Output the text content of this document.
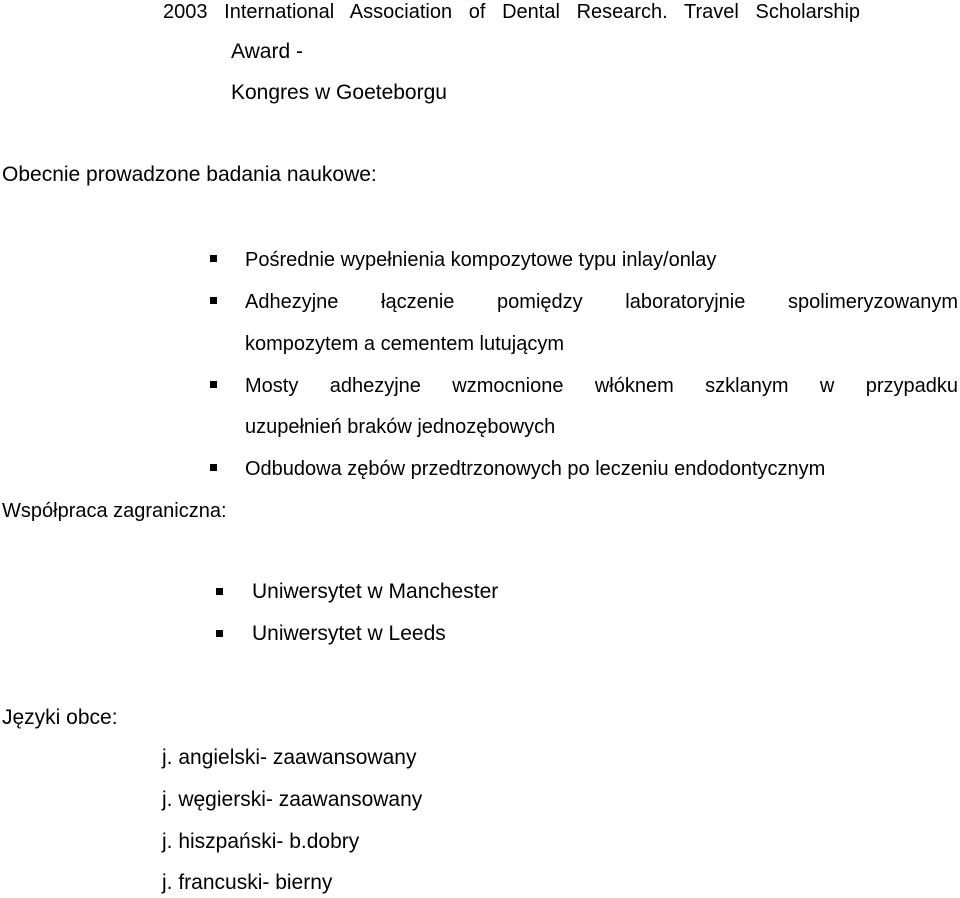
2003   International   Association   of   Dental   Research.   Travel   Scholarship

Award -

Kongres w Goeteborgu

Obecnie prowadzone badania naukowe:

Pośrednie wypełnienia kompozytowe typu inlay/onlay

Adhezyjne łączenie pomiędzy laboratoryjnie spolimeryzowanym

kompozytem a cementem lutującym

Mosty adhezyjne wzmocnione włóknem szklanym w przypadku

uzupełnień braków jednozębowych

Odbudowa zębów przedtrzonowych po leczeniu endodontycznym

Współpraca zagraniczna:

Uniwersytet w Manchester

Uniwersytet w Leeds

Języki obce:

j. angielski- zaawansowany

j. węgierski- zaawansowany

j. hiszpański- b.dobry

j. francuski- bierny
